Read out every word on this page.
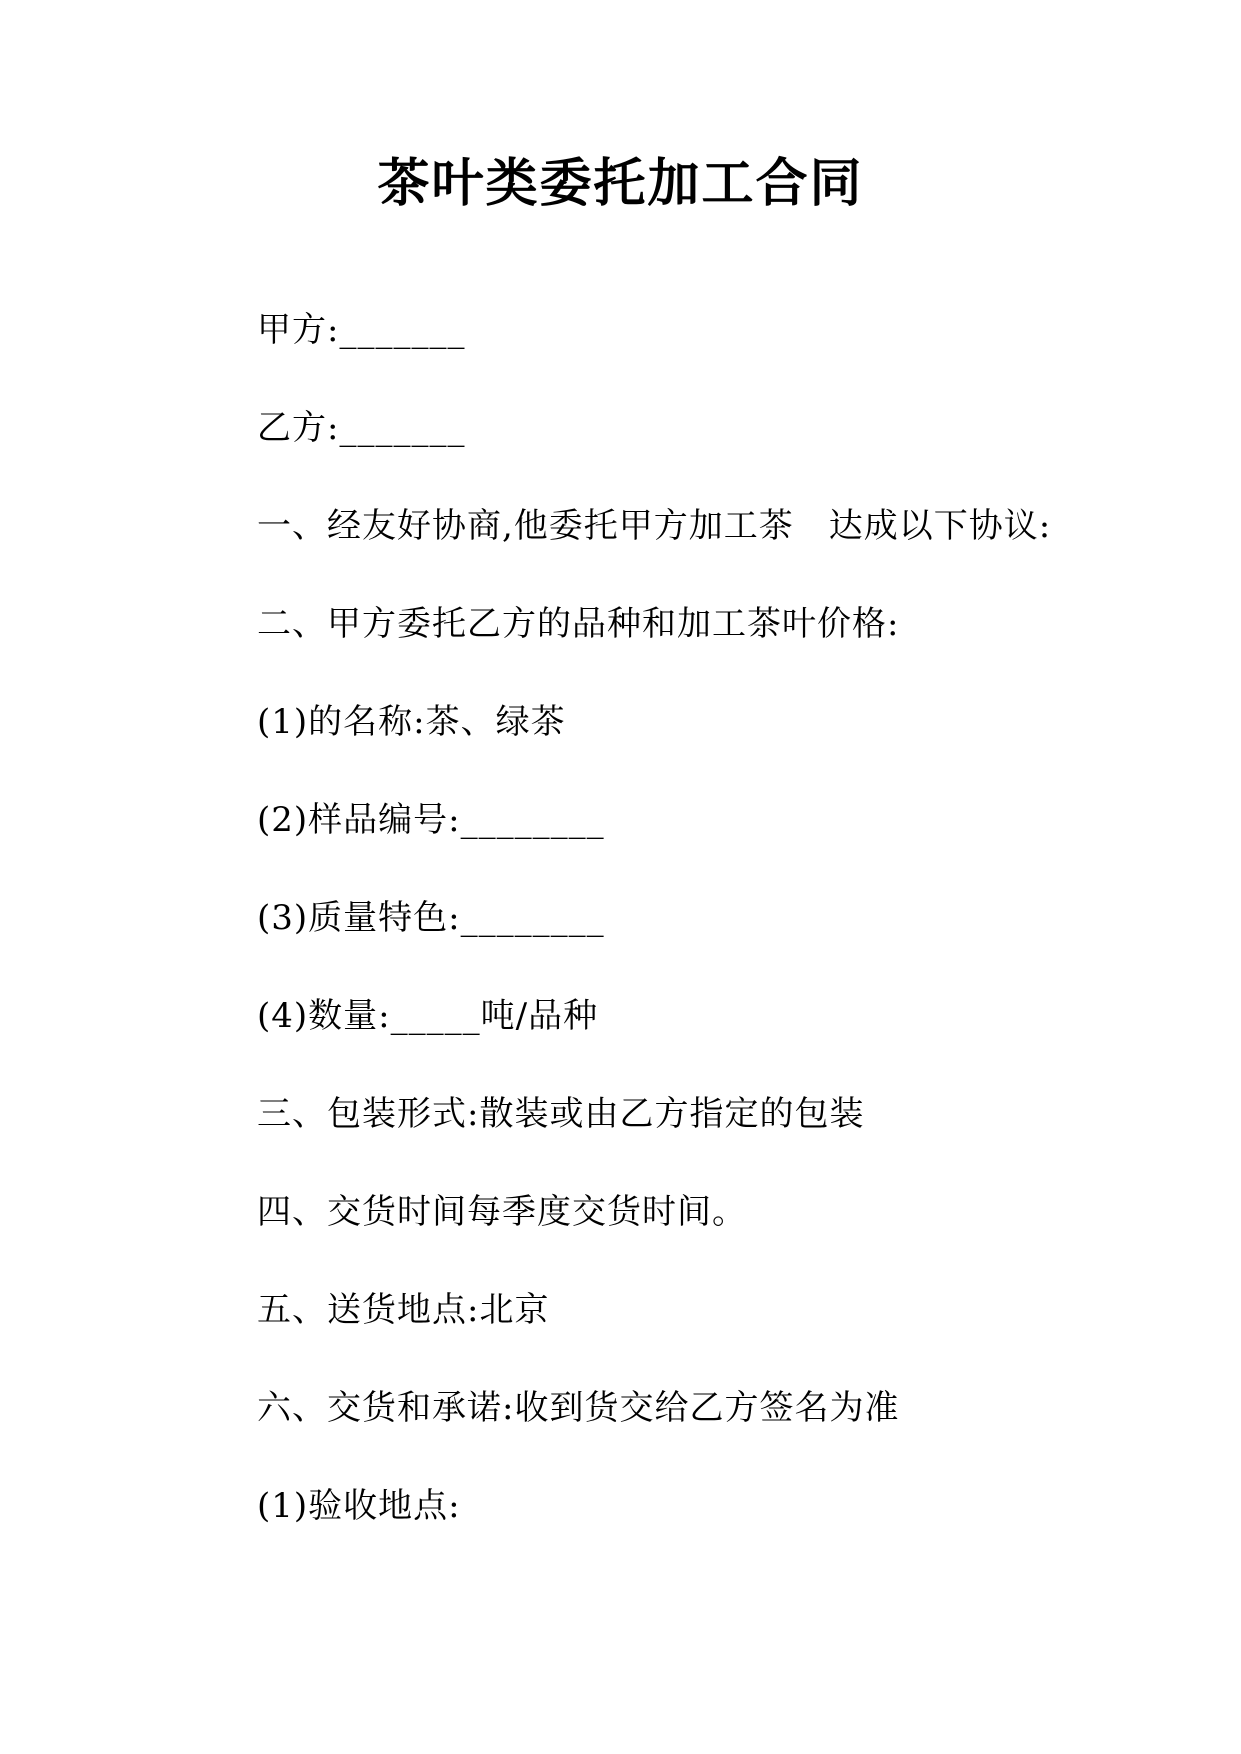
茶叶类委托加工合同
甲方:_______
乙方:_______
一、经友好协商,他委托甲方加工茶　达成以下协议:
二、甲方委托乙方的品种和加工茶叶价格:
(1)的名称:茶、绿茶
(2)样品编号:________
(3)质量特色:________
(4)数量:_____吨/品种
三、包装形式:散装或由乙方指定的包装
四、交货时间每季度交货时间。
五、送货地点:北京
六、交货和承诺:收到货交给乙方签名为准
(1)验收地点:
